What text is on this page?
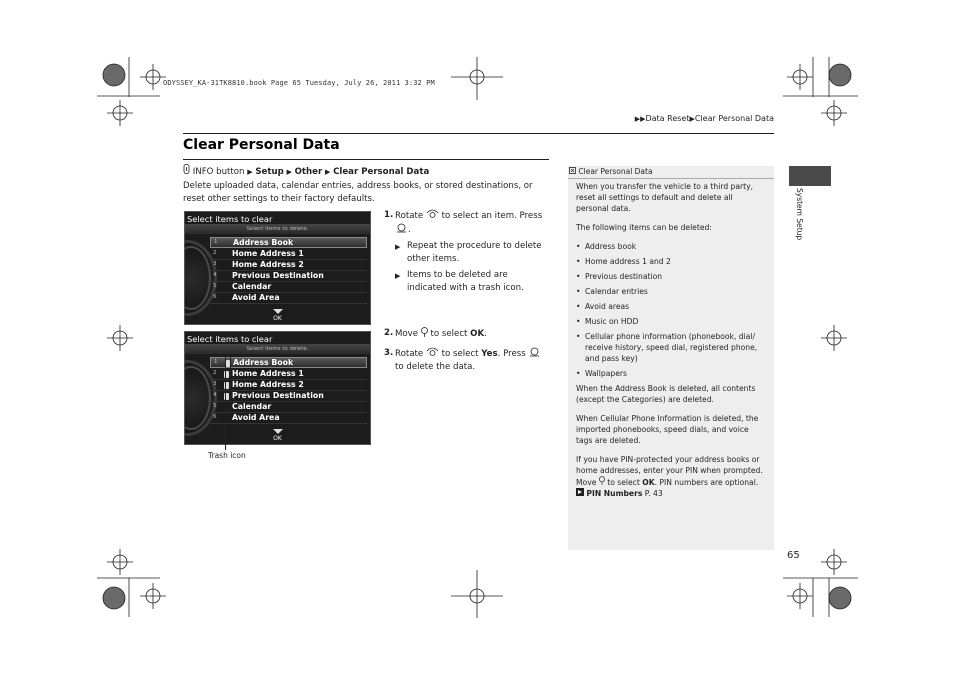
ODYSSEY_KA-31TK8810.book Page 65 Tuesday, July 26, 2011 3:32 PM
▶▶Data Reset▶Clear Personal Data
Clear Personal Data
INFO button ▶ Setup ▶ Other ▶ Clear Personal Data
Delete uploaded data, calendar entries, address books, or stored destinations, or reset other settings to their factory defaults.
Select items to clear
Select items to delete.
1 Address Book
2 Home Address 1
3 Home Address 2
4 Previous Destination
5 Calendar
6 Avoid Area
OK
Select items to clear
Select items to delete.
1 Address Book
2 Home Address 1
3 Home Address 2
4 Previous Destination
5 Calendar
6 Avoid Area
OK
Trash icon
1. Rotate to select an item. Press .
▶ Repeat the procedure to delete other items.
▶ Items to be deleted are indicated with a trash icon.
2. Move to select OK.
3. Rotate to select Yes. Press  to delete the data.
Clear Personal Data

When you transfer the vehicle to a third party, reset all settings to default and delete all personal data.

The following items can be deleted:

• Address book
• Home address 1 and 2
• Previous destination
• Calendar entries
• Avoid areas
• Music on HDD
• Cellular phone information (phonebook, dial/ receive history, speed dial, registered phone, and pass key)
• Wallpapers

When the Address Book is deleted, all contents (except the Categories) are deleted.

When Cellular Phone Information is deleted, the imported phonebooks, speed dials, and voice tags are deleted.

If you have PIN-protected your address books or home addresses, enter your PIN when prompted. Move to select OK. PIN numbers are optional.

PIN Numbers P. 43
System Setup
65
